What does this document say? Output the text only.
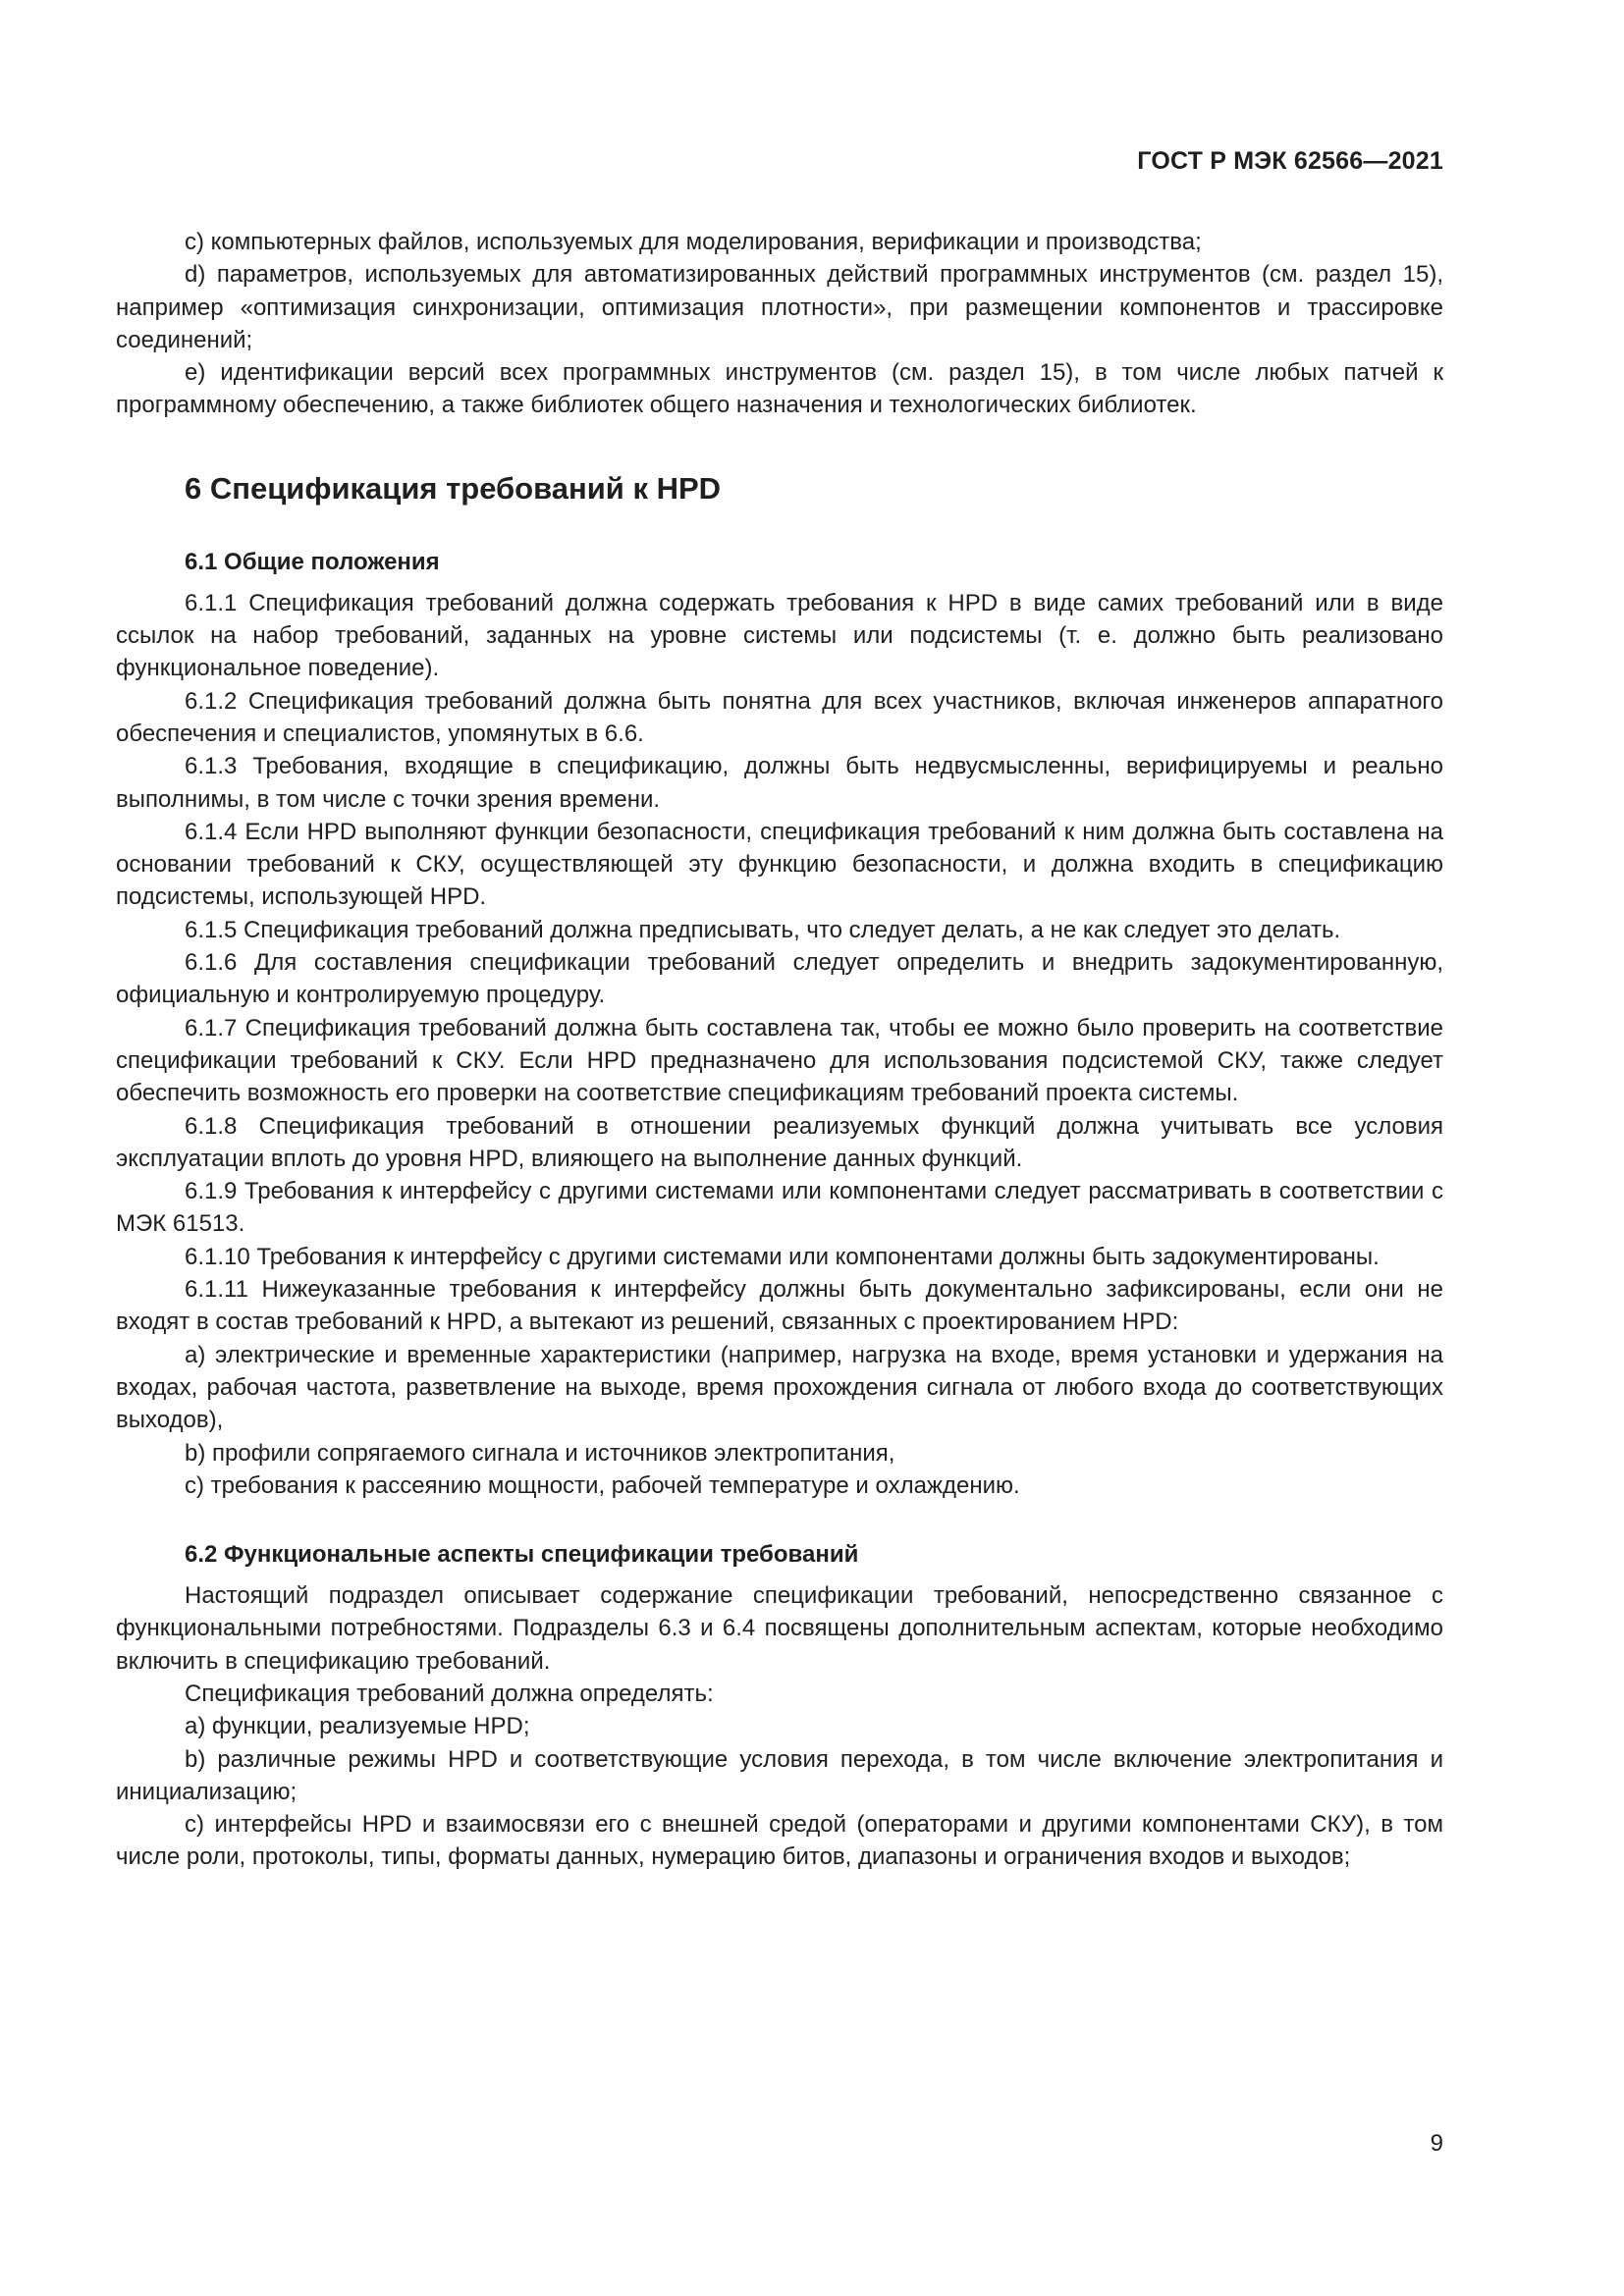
ГОСТ Р МЭК 62566—2021

c) компьютерных файлов, используемых для моделирования, верификации и производства;

d) параметров, используемых для автоматизированных действий программных инструментов (см. раздел 15), например «оптимизация синхронизации, оптимизация плотности», при размещении компонентов и трассировке соединений;

e) идентификации версий всех программных инструментов (см. раздел 15), в том числе любых патчей к программному обеспечению, а также библиотек общего назначения и технологических библиотек.

6 Спецификация требований к HPD
6.1 Общие положения

6.1.1 Спецификация требований должна содержать требования к HPD в виде самих требований или в виде ссылок на набор требований, заданных на уровне системы или подсистемы (т. е. должно быть реализовано функциональное поведение).

6.1.2 Спецификация требований должна быть понятна для всех участников, включая инженеров аппаратного обеспечения и специалистов, упомянутых в 6.6.

6.1.3 Требования, входящие в спецификацию, должны быть недвусмысленны, верифицируемы и реально выполнимы, в том числе с точки зрения времени.

6.1.4 Если HPD выполняют функции безопасности, спецификация требований к ним должна быть составлена на основании требований к СКУ, осуществляющей эту функцию безопасности, и должна входить в спецификацию подсистемы, использующей HPD.

6.1.5 Спецификация требований должна предписывать, что следует делать, а не как следует это делать.

6.1.6 Для составления спецификации требований следует определить и внедрить задокументированную, официальную и контролируемую процедуру.

6.1.7 Спецификация требований должна быть составлена так, чтобы ее можно было проверить на соответствие спецификации требований к СКУ. Если HPD предназначено для использования подсистемой СКУ, также следует обеспечить возможность его проверки на соответствие спецификациям требований проекта системы.

6.1.8 Спецификация требований в отношении реализуемых функций должна учитывать все условия эксплуатации вплоть до уровня HPD, влияющего на выполнение данных функций.

6.1.9 Требования к интерфейсу с другими системами или компонентами следует рассматривать в соответствии с МЭК 61513.

6.1.10 Требования к интерфейсу с другими системами или компонентами должны быть задокументированы.

6.1.11 Нижеуказанные требования к интерфейсу должны быть документально зафиксированы, если они не входят в состав требований к HPD, а вытекают из решений, связанных с проектированием HPD:

a) электрические и временные характеристики (например, нагрузка на входе, время установки и удержания на входах, рабочая частота, разветвление на выходе, время прохождения сигнала от любого входа до соответствующих выходов),

b) профили сопрягаемого сигнала и источников электропитания,

c) требования к рассеянию мощности, рабочей температуре и охлаждению.

6.2 Функциональные аспекты спецификации требований

Настоящий подраздел описывает содержание спецификации требований, непосредственно связанное с функциональными потребностями. Подразделы 6.3 и 6.4 посвящены дополнительным аспектам, которые необходимо включить в спецификацию требований.

Спецификация требований должна определять:

a) функции, реализуемые HPD;

b) различные режимы HPD и соответствующие условия перехода, в том числе включение электропитания и инициализацию;

c) интерфейсы HPD и взаимосвязи его с внешней средой (операторами и другими компонентами СКУ), в том числе роли, протоколы, типы, форматы данных, нумерацию битов, диапазоны и ограничения входов и выходов;

9
